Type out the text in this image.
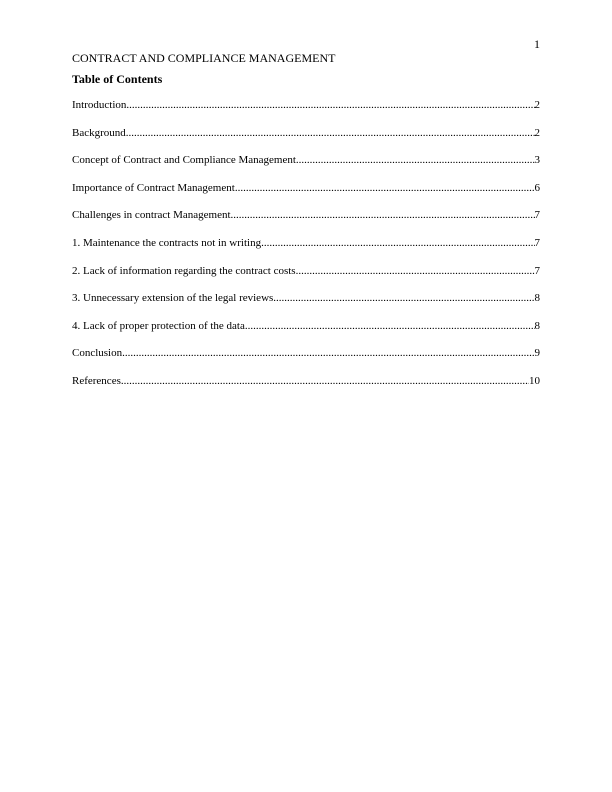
1
CONTRACT AND COMPLIANCE MANAGEMENT
Table of Contents
Introduction .....	2
Background .....	2
Concept of Contract and Compliance Management .....	3
Importance of Contract Management .....	6
Challenges in contract Management .....	7
1. Maintenance the contracts not in writing .....	7
2. Lack of information regarding the contract costs .....	7
3. Unnecessary extension of the legal reviews .....	8
4. Lack of proper protection of the data .....	8
Conclusion .....	9
References .....	10
